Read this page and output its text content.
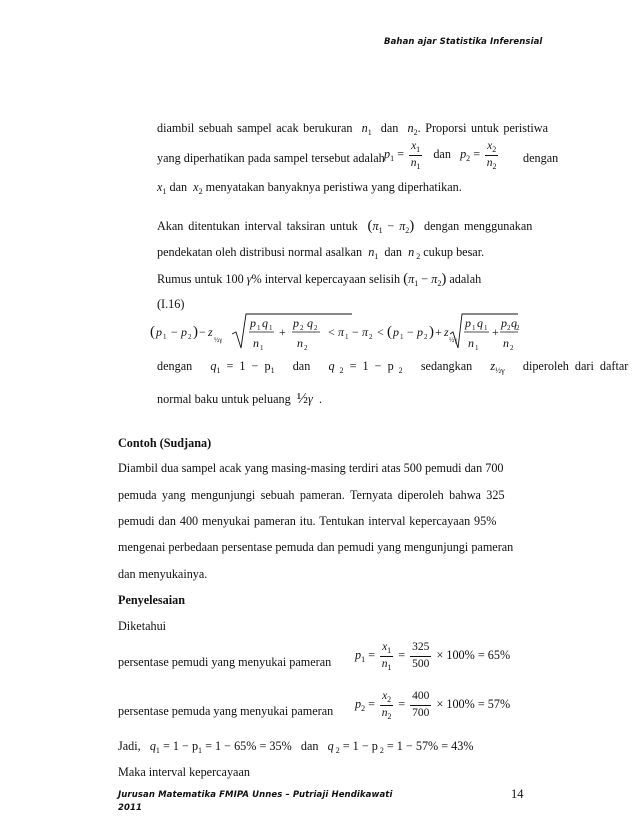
Bahan ajar Statistika Inferensial
diambil sebuah sampel acak berukuran $n_1$ dan $n_2$. Proporsi untuk peristiwa
yang diperhatikan pada sampel tersebut adalah $p_1 = \frac{x_1}{n_1}$ dan $p_2 = \frac{x_2}{n_2}$ dengan
$x_1$ dan $x_2$ menyatakan banyaknya peristiwa yang diperhatikan.
Akan ditentukan interval taksiran untuk $(\pi_1 - \pi_2)$ dengan menggunakan
pendekatan oleh distribusi normal asalkan $n_1$ dan n $_2$ cukup besar.
Rumus untuk 100 γ% interval kepercayaan selisih $(\pi_1 - \pi_2)$ adalah
(I.16)
( p 1 − p 2 ) − z
½γ
p 1 q 1
n 1
+
p 2 q 2
n 2
< π 1 − π 2 < ( p 1 − p 2 ) + z
½γ
p 1 q 1
n 1
+
p 2 q 2
n 2
dengan $q_1 = 1 - p_1$ dan q $_2$ = 1 − p $_2$ sedangkan $z_{\frac{1}{2}\gamma}$ diperoleh dari daftar
normal baku untuk peluang ½γ .
Contoh (Sudjana)
Diambil dua sampel acak yang masing-masing terdiri atas 500 pemudi dan 700
pemuda yang mengunjungi sebuah pameran. Ternyata diperoleh bahwa 325
pemudi dan 400 menyukai pameran itu. Tentukan interval kepercayaan 95%
mengenai perbedaan persentase pemuda dan pemudi yang mengunjungi pameran
dan menyukainya.
Penyelesaian
Diketahui
persentase pemudi yang menyukai pameran
$p_1 = \frac{x_1}{n_1} = \frac{325}{500} \times 100\% = 65\%$
persentase pemuda yang menyukai pameran
$p_2 = \frac{x_2}{n_2} = \frac{400}{700} \times 100\% = 57\%$
Jadi, $q_1 = 1 - p_1 = 1 - 65\% = 35\%$ dan q $_2$ = 1 − p $_2$ = 1 − 57% = 43%
Maka interval kepercayaan
Jurusan Matematika FMIPA Unnes – Putriaji Hendikawati
2011
14
